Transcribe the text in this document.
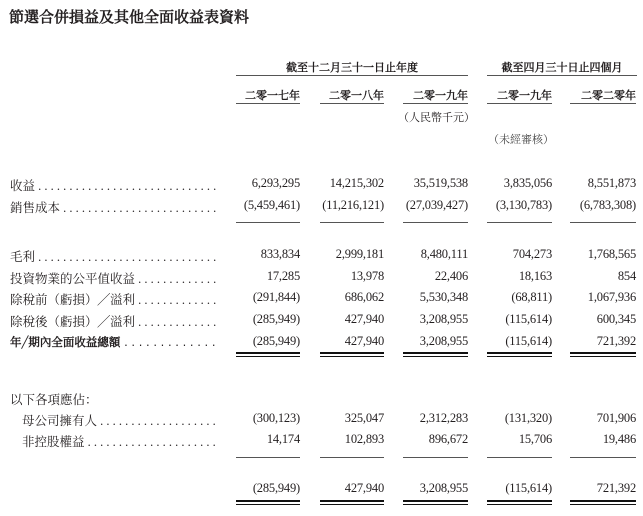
節選合併損益及其他全面收益表資料
截至十二月三十一日止年度	截至四月三十日止四個月
二零一七年	二零一八年	二零一九年	二零一九年	二零二零年
（人民幣千元）
（未經審核）
收益 . . .	6,293,295	14,215,302	35,519,538	3,835,056	8,551,873
銷售成本 . . .	(5,459,461)	(11,216,121)	(27,039,427)	(3,130,783)	(6,783,308)
毛利 . . .	833,834	2,999,181	8,480,111	704,273	1,768,565
投資物業的公平值收益 . . .	17,285	13,978	22,406	18,163	854
除稅前（虧損）╱溢利 . . .	(291,844)	686,062	5,530,348	(68,811)	1,067,936
除稅後（虧損）╱溢利 . . .	(285,949)	427,940	3,208,955	(115,614)	600,345
年╱期內全面收益總額 . . .	(285,949)	427,940	3,208,955	(115,614)	721,392
以下各項應佔：
母公司擁有人 . . .	(300,123)	325,047	2,312,283	(131,320)	701,906
非控股權益 . . .	14,174	102,893	896,672	15,706	19,486
(285,949)	427,940	3,208,955	(115,614)	721,392
